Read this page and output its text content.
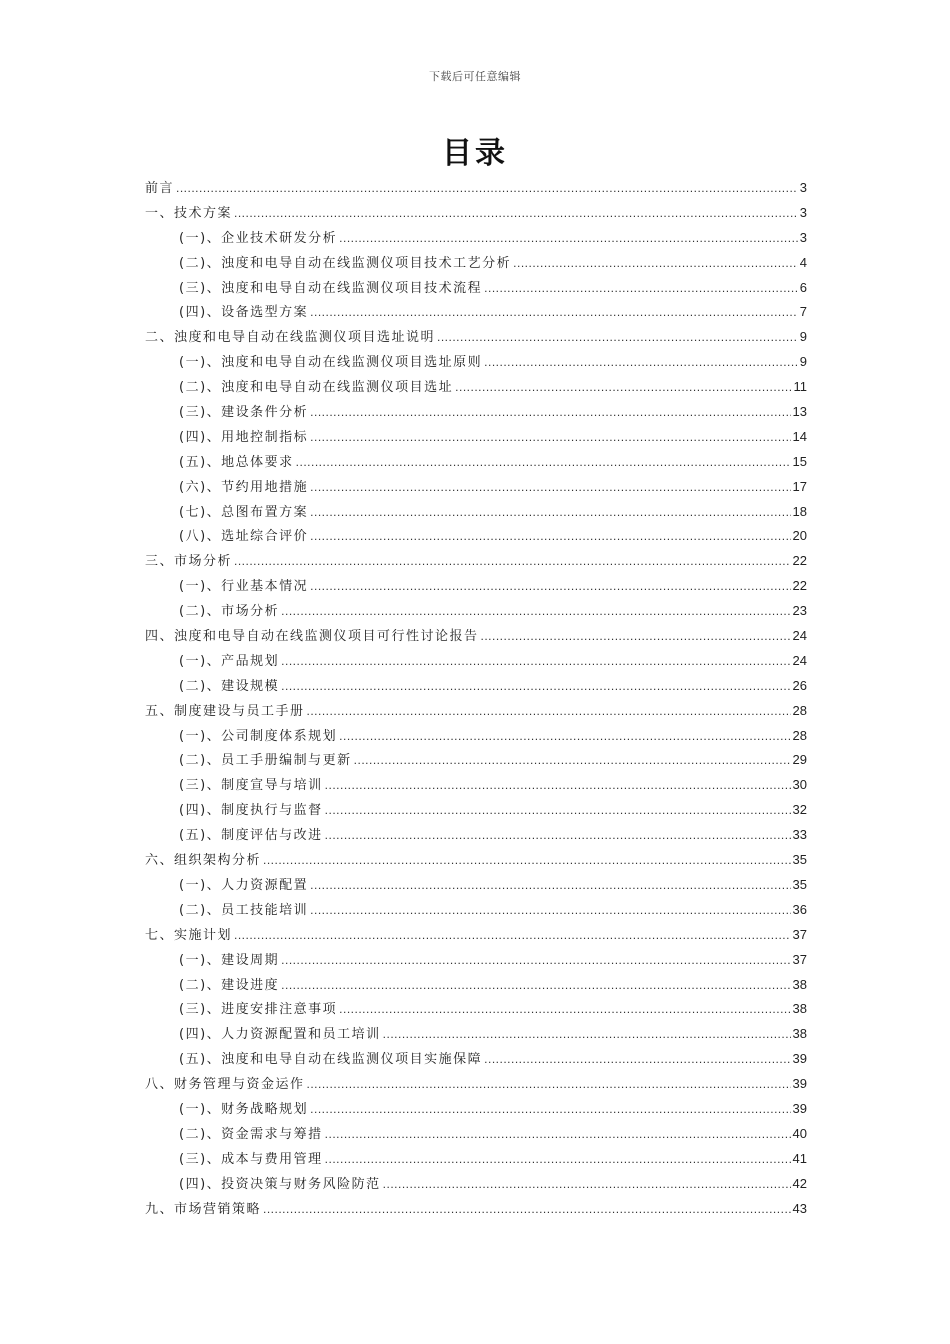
下载后可任意编辑
目录
前言 .....	3
一、技术方案 .....	3
(一)、企业技术研发分析 .....	3
(二)、浊度和电导自动在线监测仪项目技术工艺分析 .....	4
(三)、浊度和电导自动在线监测仪项目技术流程 .....	6
(四)、设备选型方案 .....	7
二、浊度和电导自动在线监测仪项目选址说明 .....	9
(一)、浊度和电导自动在线监测仪项目选址原则 .....	9
(二)、浊度和电导自动在线监测仪项目选址 .....	11
(三)、建设条件分析 .....	13
(四)、用地控制指标 .....	14
(五)、地总体要求 .....	15
(六)、节约用地措施 .....	17
(七)、总图布置方案 .....	18
(八)、选址综合评价 .....	20
三、市场分析 .....	22
(一)、行业基本情况 .....	22
(二)、市场分析 .....	23
四、浊度和电导自动在线监测仪项目可行性讨论报告 .....	24
(一)、产品规划 .....	24
(二)、建设规模 .....	26
五、制度建设与员工手册 .....	28
(一)、公司制度体系规划 .....	28
(二)、员工手册编制与更新 .....	29
(三)、制度宣导与培训 .....	30
(四)、制度执行与监督 .....	32
(五)、制度评估与改进 .....	33
六、组织架构分析 .....	35
(一)、人力资源配置 .....	35
(二)、员工技能培训 .....	36
七、实施计划 .....	37
(一)、建设周期 .....	37
(二)、建设进度 .....	38
(三)、进度安排注意事项 .....	38
(四)、人力资源配置和员工培训 .....	38
(五)、浊度和电导自动在线监测仪项目实施保障 .....	39
八、财务管理与资金运作 .....	39
(一)、财务战略规划 .....	39
(二)、资金需求与筹措 .....	40
(三)、成本与费用管理 .....	41
(四)、投资决策与财务风险防范 .....	42
九、市场营销策略 .....	43
